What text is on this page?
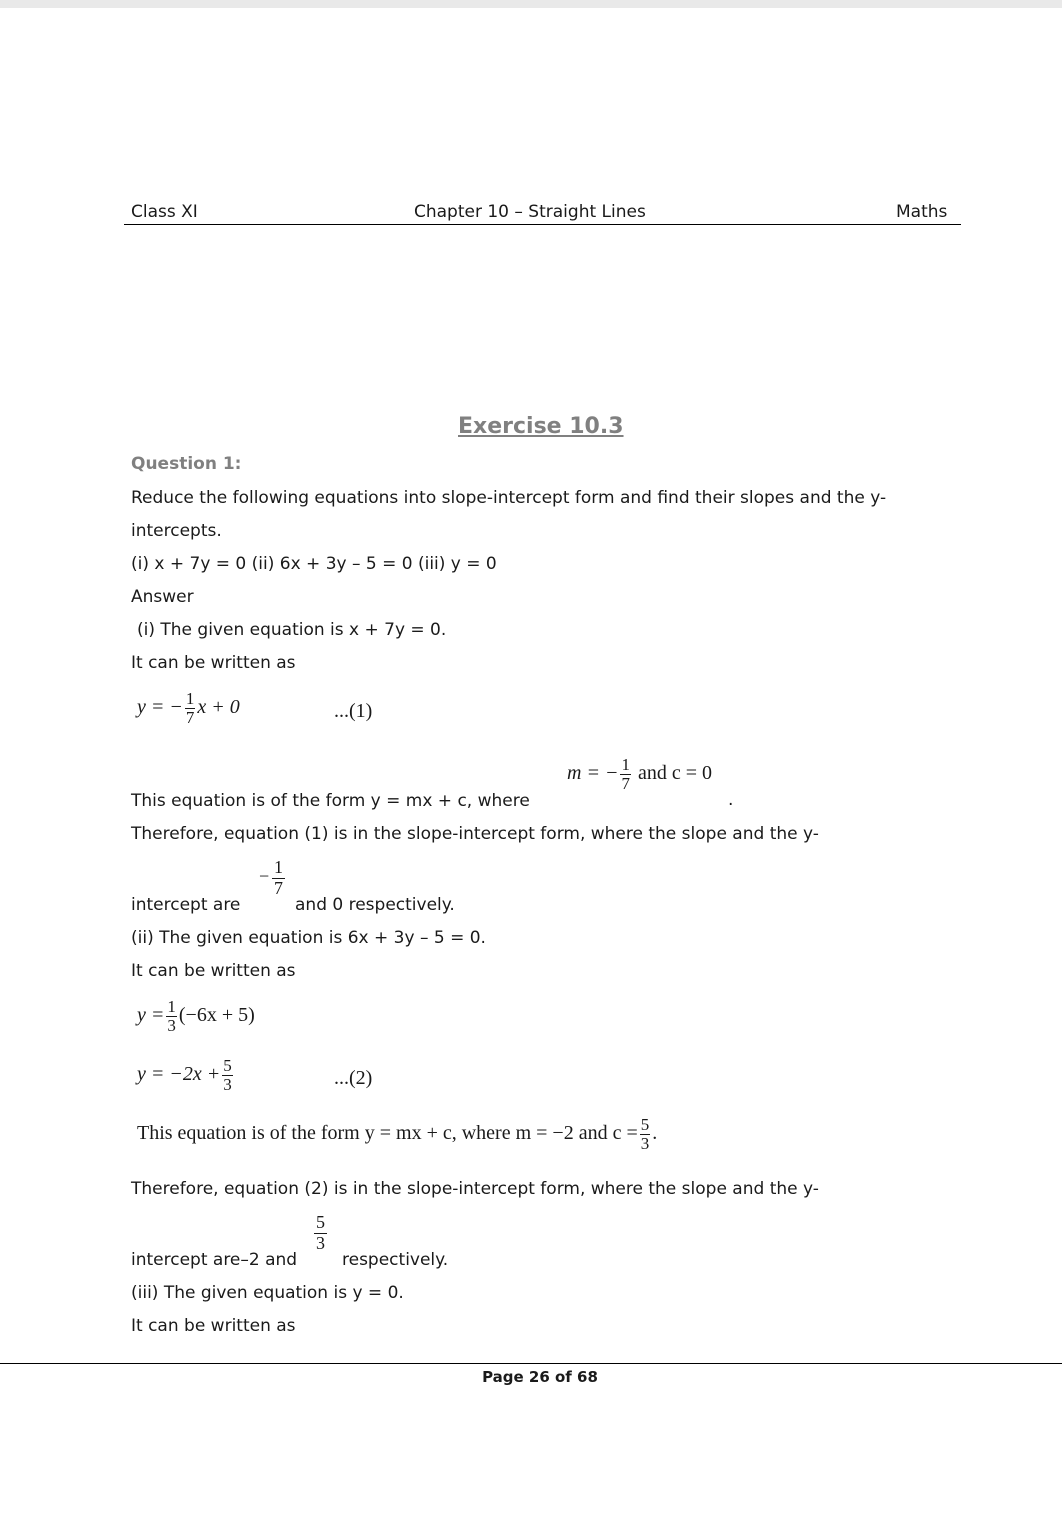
Class XI	Chapter 10 – Straight Lines	Maths
Exercise 10.3
Question 1:
Reduce the following equations into slope-intercept form and find their slopes and the y-
intercepts.
(i) x + 7y = 0 (ii) 6x + 3y – 5 = 0 (iii) y = 0
Answer
(i) The given equation is x + 7y = 0.
It can be written as
y = − $\frac{1}{7}$ x + 0	...(1)
This equation is of the form y = mx + c, where
m = − $\frac{1}{7}$ and c = 0
.
Therefore, equation (1) is in the slope-intercept form, where the slope and the y-
intercept are
− $\frac{1}{7}$
and 0 respectively.
(ii) The given equation is 6x + 3y – 5 = 0.
It can be written as
$y = \frac{1}{3} (-6x + 5)$
$y = -2x + \frac{5}{3}$	...(2)
This equation is of the form y = mx + c, where m = −2 and $c = \frac{5}{3}$ .
Therefore, equation (2) is in the slope-intercept form, where the slope and the y-
intercept are–2 and
$\frac{5}{3}$
respectively.
(iii) The given equation is y = 0.
It can be written as
Page 26 of 68
